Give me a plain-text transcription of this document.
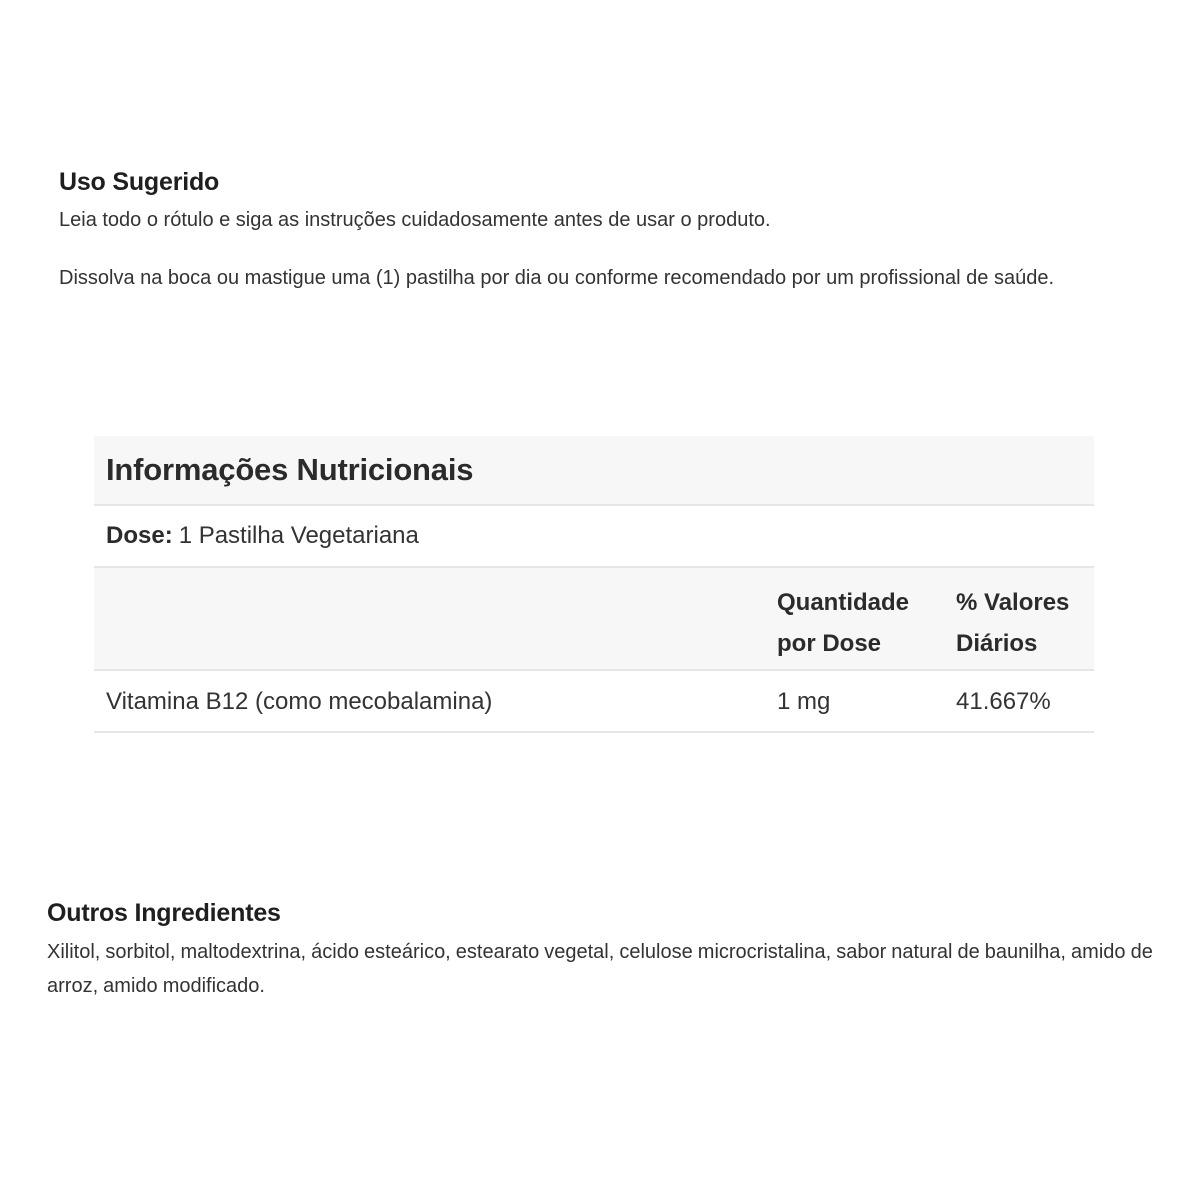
Uso Sugerido

Leia todo o rótulo e siga as instruções cuidadosamente antes de usar o produto.

Dissolva na boca ou mastigue uma (1) pastilha por dia ou conforme recomendado por um profissional de saúde.

Informações Nutricionais
Dose: 1 Pastilha Vegetariana
Quantidade
por Dose
% Valores
Diários
Vitamina B12 (como mecobalamina)	1 mg	41.667%
Outros Ingredientes

Xilitol, sorbitol, maltodextrina, ácido esteárico, estearato vegetal, celulose microcristalina, sabor natural de baunilha, amido de arroz, amido modificado.
